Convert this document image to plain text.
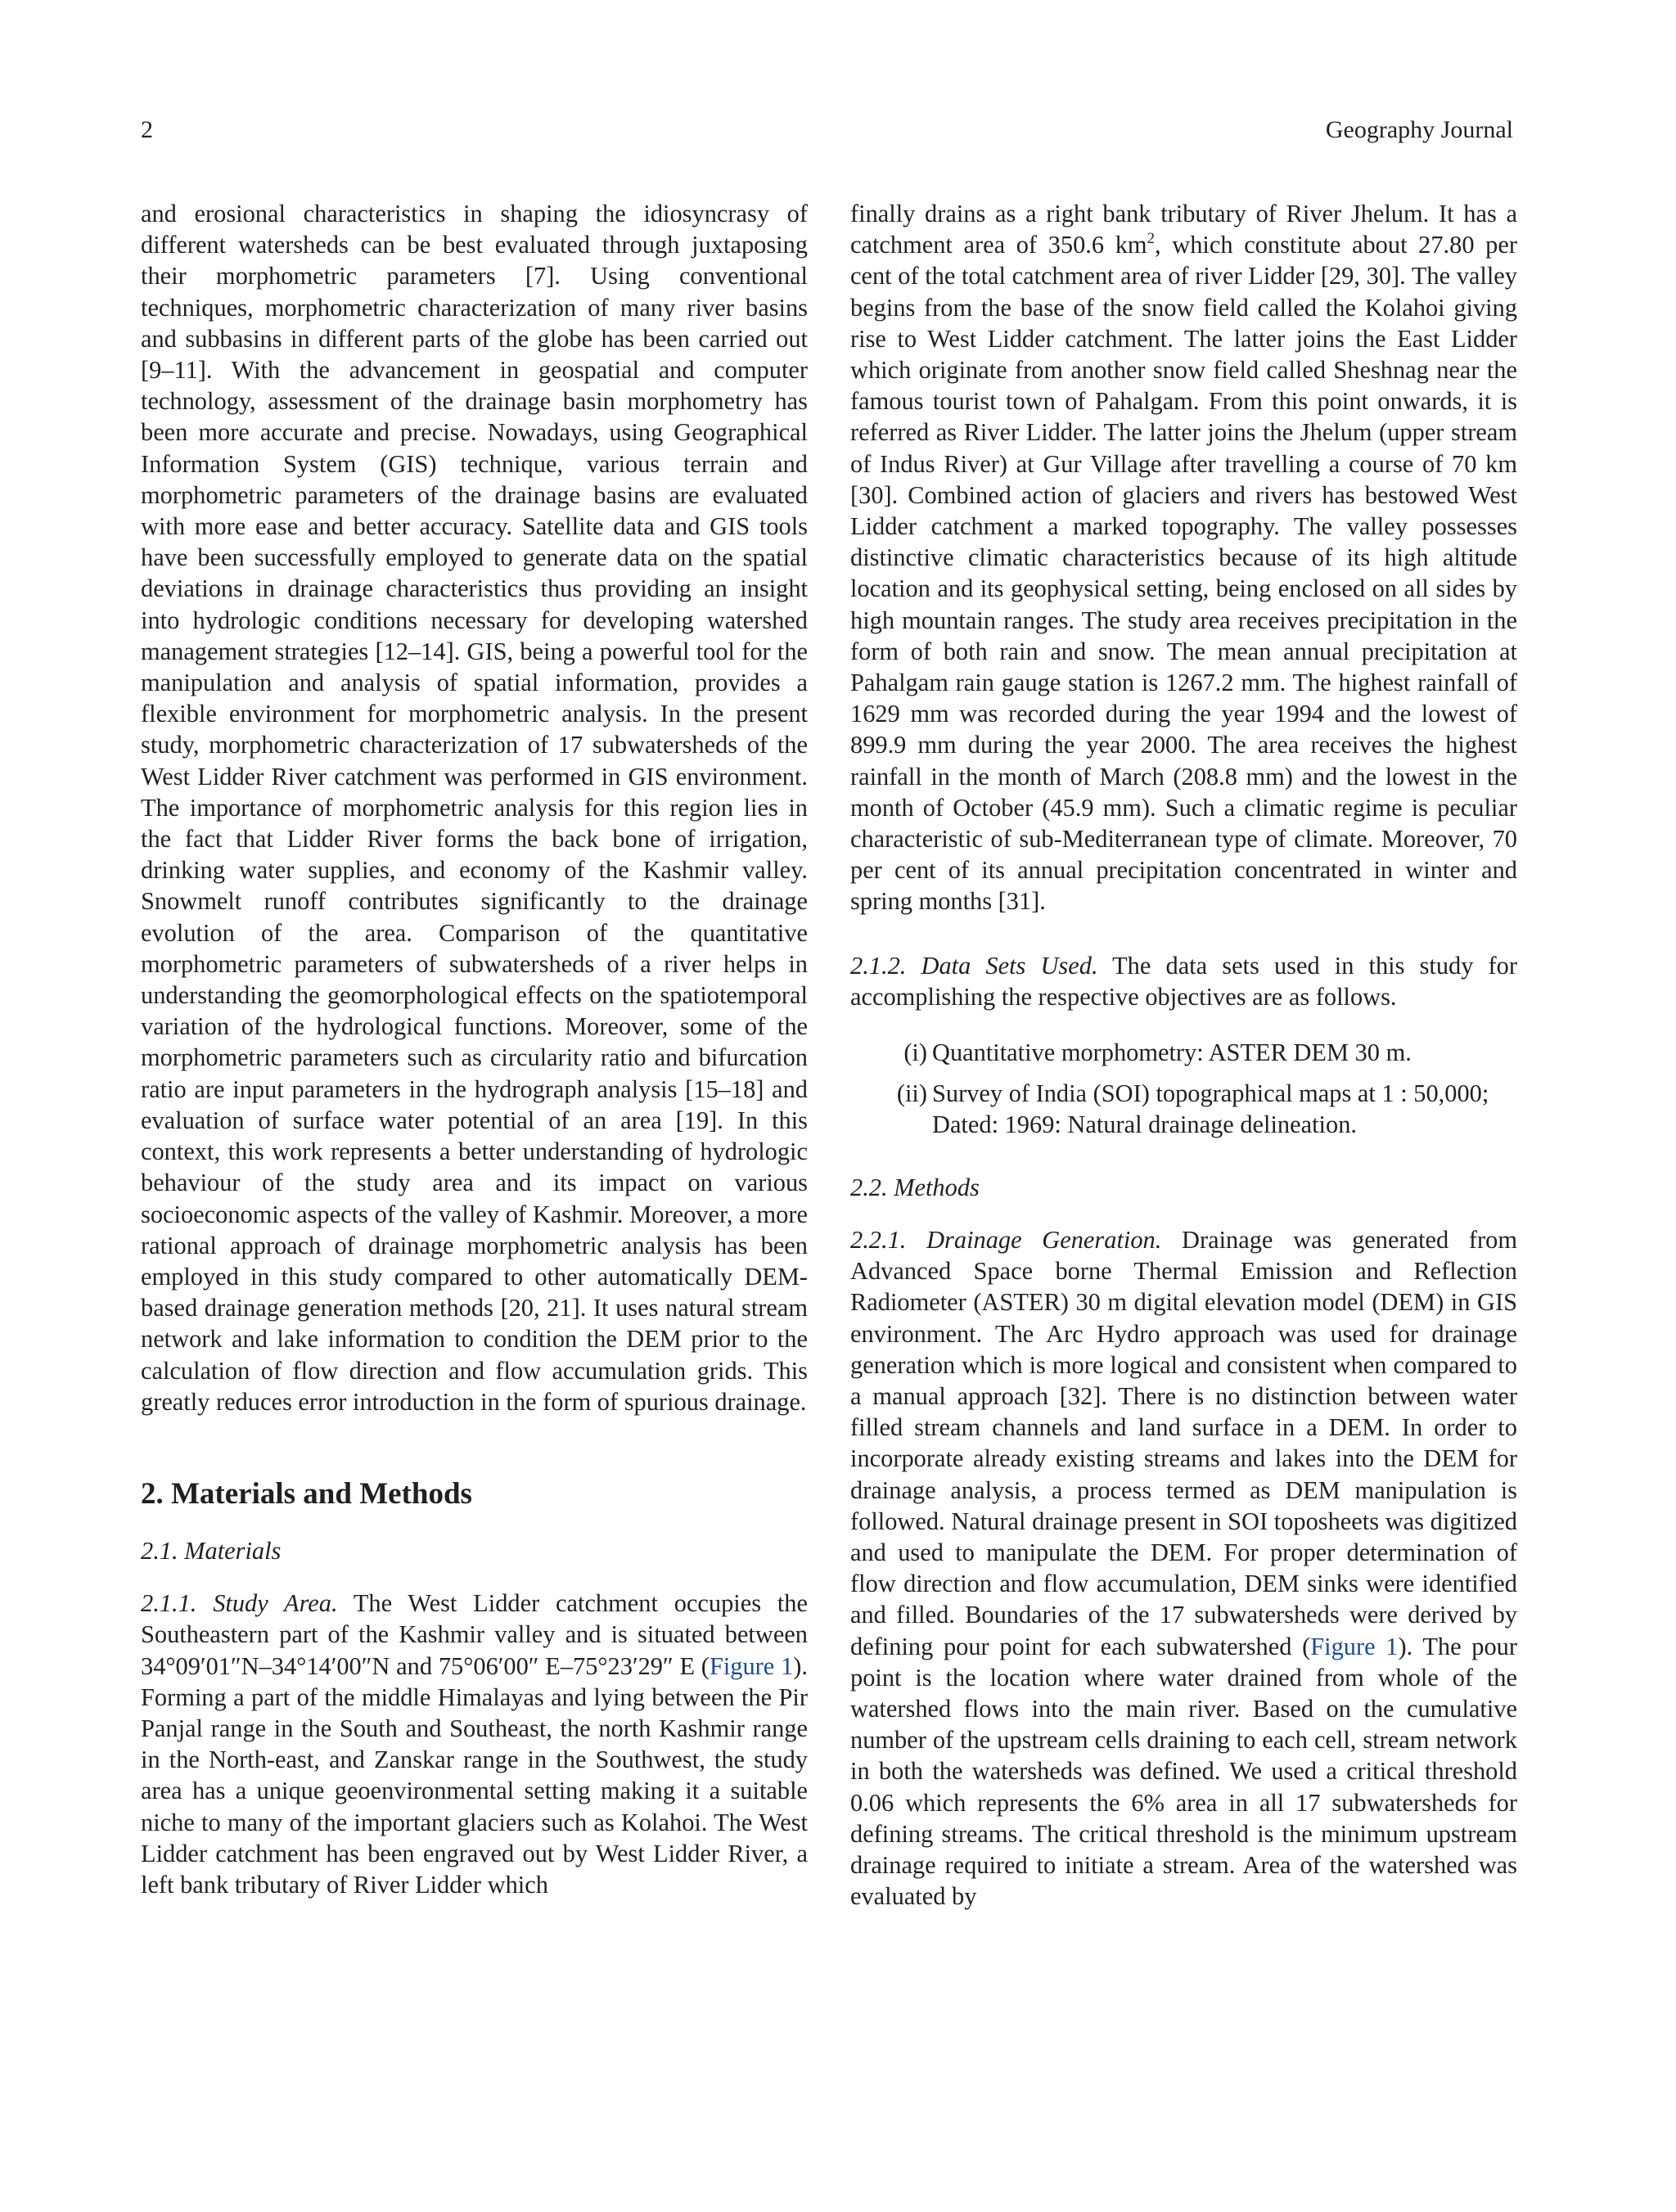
2	Geography Journal

and erosional characteristics in shaping the idiosyncrasy of different watersheds can be best evaluated through juxtaposing their morphometric parameters [7]. Using conventional techniques, morphometric characterization of many river basins and subbasins in different parts of the globe has been carried out [9–11]. With the advancement in geospatial and computer technology, assessment of the drainage basin morphometry has been more accurate and precise. Nowadays, using Geographical Information System (GIS) technique, various terrain and morphometric parameters of the drainage basins are evaluated with more ease and better accuracy. Satellite data and GIS tools have been successfully employed to generate data on the spatial deviations in drainage characteristics thus providing an insight into hydrologic conditions necessary for developing watershed management strategies [12–14]. GIS, being a powerful tool for the manipulation and analysis of spatial information, provides a flexible environment for morphometric analysis. In the present study, morphometric characterization of 17 subwatersheds of the West Lidder River catchment was performed in GIS environment. The importance of morphometric analysis for this region lies in the fact that Lidder River forms the back bone of irrigation, drinking water supplies, and economy of the Kashmir valley. Snowmelt runoff contributes significantly to the drainage evolution of the area. Comparison of the quantitative morphometric parameters of subwatersheds of a river helps in understanding the geomorphological effects on the spatiotemporal variation of the hydrological functions. Moreover, some of the morphometric parameters such as circularity ratio and bifurcation ratio are input parameters in the hydrograph analysis [15–18] and evaluation of surface water potential of an area [19]. In this context, this work represents a better understanding of hydrologic behaviour of the study area and its impact on various socioeconomic aspects of the valley of Kashmir. Moreover, a more rational approach of drainage morphometric analysis has been employed in this study compared to other automatically DEM-based drainage generation methods [20, 21]. It uses natural stream network and lake information to condition the DEM prior to the calculation of flow direction and flow accumulation grids. This greatly reduces error introduction in the form of spurious drainage.

2. Materials and Methods
2.1. Materials

2.1.1. Study Area. The West Lidder catchment occupies the Southeastern part of the Kashmir valley and is situated between 34°09′01″N–34°14′00″N and 75°06′00″ E–75°23′29″ E (Figure 1). Forming a part of the middle Himalayas and lying between the Pir Panjal range in the South and Southeast, the north Kashmir range in the North-east, and Zanskar range in the Southwest, the study area has a unique geoenvironmental setting making it a suitable niche to many of the important glaciers such as Kolahoi. The West Lidder catchment has been engraved out by West Lidder River, a left bank tributary of River Lidder which

finally drains as a right bank tributary of River Jhelum. It has a catchment area of 350.6 $km^2$, which constitute about 27.80 per cent of the total catchment area of river Lidder [29, 30]. The valley begins from the base of the snow field called the Kolahoi giving rise to West Lidder catchment. The latter joins the East Lidder which originate from another snow field called Sheshnag near the famous tourist town of Pahalgam. From this point onwards, it is referred as River Lidder. The latter joins the Jhelum (upper stream of Indus River) at Gur Village after travelling a course of 70 km [30]. Combined action of glaciers and rivers has bestowed West Lidder catchment a marked topography. The valley possesses distinctive climatic characteristics because of its high altitude location and its geophysical setting, being enclosed on all sides by high mountain ranges. The study area receives precipitation in the form of both rain and snow. The mean annual precipitation at Pahalgam rain gauge station is 1267.2 mm. The highest rainfall of 1629 mm was recorded during the year 1994 and the lowest of 899.9 mm during the year 2000. The area receives the highest rainfall in the month of March (208.8 mm) and the lowest in the month of October (45.9 mm). Such a climatic regime is peculiar characteristic of sub-Mediterranean type of climate. Moreover, 70 per cent of its annual precipitation concentrated in winter and spring months [31].

2.1.2. Data Sets Used. The data sets used in this study for accomplishing the respective objectives are as follows.

(i) Quantitative morphometry: ASTER DEM 30 m.
(ii) Survey of India (SOI) topographical maps at 1 : 50,000; Dated: 1969: Natural drainage delineation.
2.2. Methods

2.2.1. Drainage Generation. Drainage was generated from Advanced Space borne Thermal Emission and Reflection Radiometer (ASTER) 30 m digital elevation model (DEM) in GIS environment. The Arc Hydro approach was used for drainage generation which is more logical and consistent when compared to a manual approach [32]. There is no distinction between water filled stream channels and land surface in a DEM. In order to incorporate already existing streams and lakes into the DEM for drainage analysis, a process termed as DEM manipulation is followed. Natural drainage present in SOI toposheets was digitized and used to manipulate the DEM. For proper determination of flow direction and flow accumulation, DEM sinks were identified and filled. Boundaries of the 17 subwatersheds were derived by defining pour point for each subwatershed (Figure 1). The pour point is the location where water drained from whole of the watershed flows into the main river. Based on the cumulative number of the upstream cells draining to each cell, stream network in both the watersheds was defined. We used a critical threshold 0.06 which represents the 6% area in all 17 subwatersheds for defining streams. The critical threshold is the minimum upstream drainage required to initiate a stream. Area of the watershed was evaluated by
